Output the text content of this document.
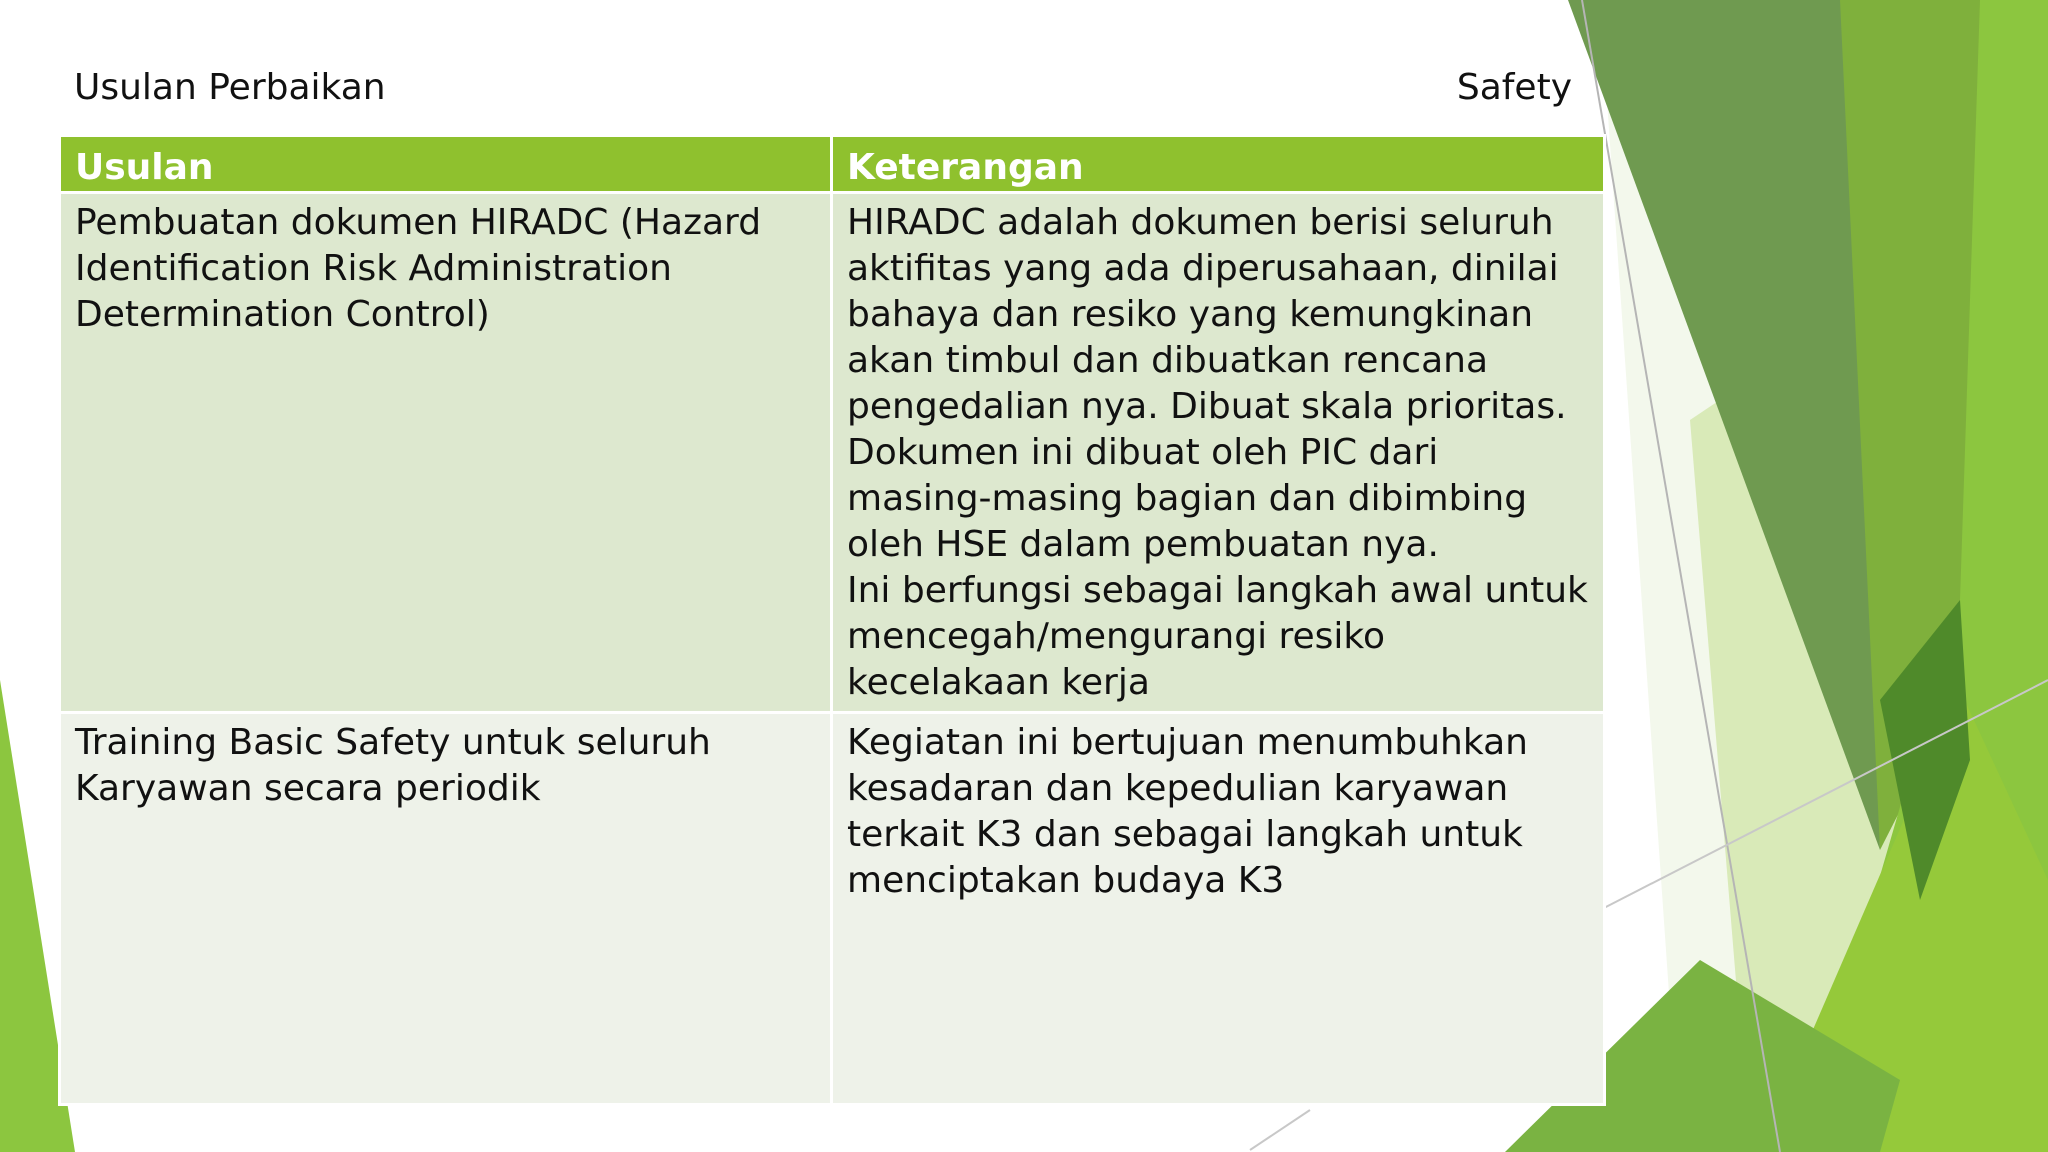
Usulan Perbaikan	Safety
Usulan	Keterangan
Pembuatan dokumen HIRADC (Hazard Identification Risk Administration Determination Control)	HIRADC adalah dokumen berisi seluruh aktifitas yang ada diperusahaan, dinilai bahaya dan resiko yang kemungkinan akan timbul dan dibuatkan rencana pengedalian nya. Dibuat skala prioritas.
Dokumen ini dibuat oleh PIC dari masing-masing bagian dan dibimbing oleh HSE dalam pembuatan nya.
Ini berfungsi sebagai langkah awal untuk mencegah/mengurangi resiko kecelakaan kerja

Training Basic Safety untuk seluruh Karyawan secara periodik	Kegiatan ini bertujuan menumbuhkan kesadaran dan kepedulian karyawan terkait K3 dan sebagai langkah untuk menciptakan budaya K3
